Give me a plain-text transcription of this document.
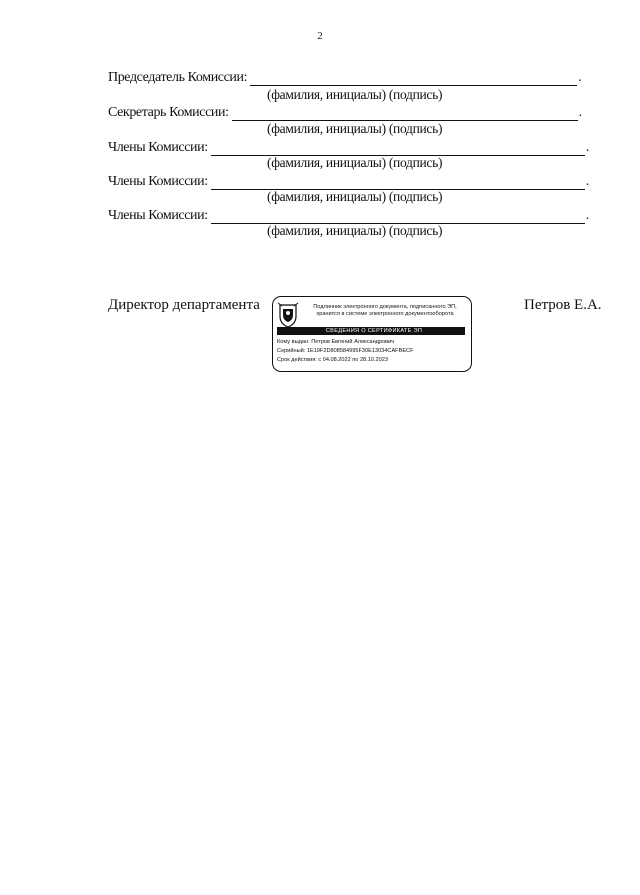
2
Председатель Комиссии:	.
(фамилия, инициалы) (подпись)
Секретарь Комиссии:	.
(фамилия, инициалы) (подпись)
Члены Комиссии:	.
(фамилия, инициалы) (подпись)
Члены Комиссии:	.
(фамилия, инициалы) (подпись)
Члены Комиссии:	.
(фамилия, инициалы) (подпись)
Директор департамента	Подлинник электронного документа, подписанного ЭП, хранится в системе электронного документооборота
СВЕДЕНИЯ О СЕРТИФИКАТЕ ЭП
Кому выдан: Петров Евгений Александрович
Серийный: 1E19F2D808584995F30E13034CAFBECF
Срок действия: с 04.08.2022 по 28.10.2023
Петров Е.А.
